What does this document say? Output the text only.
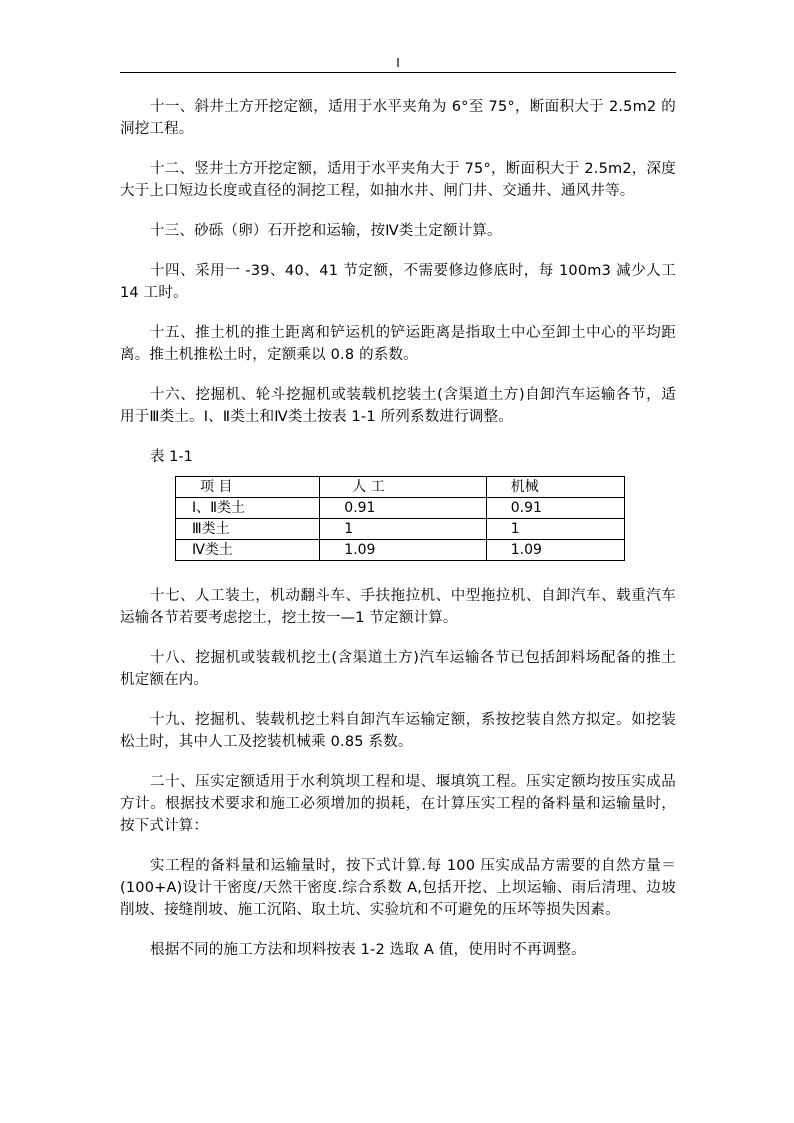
I

十一、斜井土方开挖定额，适用于水平夹角为 6°至 75°，断面积大于 2.5m2 的洞挖工程。

十二、竖井土方开挖定额，适用于水平夹角大于 75°，断面积大于 2.5m2，深度大于上口短边长度或直径的洞挖工程，如抽水井、闸门井、交通井、通风井等。

十三、砂砾（卵）石开挖和运输，按Ⅳ类土定额计算。

十四、采用一 -39、40、41 节定额，不需要修边修底时，每 100m3 减少人工 14 工时。

十五、推土机的推土距离和铲运机的铲运距离是指取土中心至卸土中心的平均距离。推土机推松土时，定额乘以 0.8 的系数。

十六、挖掘机、轮斗挖掘机或装载机挖装土(含渠道土方)自卸汽车运输各节，适用于Ⅲ类土。Ⅰ、Ⅱ类土和Ⅳ类土按表 1-1 所列系数进行调整。

表 1-1
项 目	人 工	机械
Ⅰ、Ⅱ类土	0.91	0.91
Ⅲ类土	1	1
Ⅳ类土	1.09	1.09

十七、人工装土，机动翻斗车、手扶拖拉机、中型拖拉机、自卸汽车、载重汽车运输各节若要考虑挖土，挖土按一—1 节定额计算。

十八、挖掘机或装载机挖土(含渠道土方)汽车运输各节已包括卸料场配备的推土机定额在内。

十九、挖掘机、装载机挖土料自卸汽车运输定额，系按挖装自然方拟定。如挖装松土时，其中人工及挖装机械乘 0.85 系数。

二十、压实定额适用于水利筑坝工程和堤、堰填筑工程。压实定额均按压实成品方计。根据技术要求和施工必须增加的损耗，在计算压实工程的备料量和运输量时，按下式计算：

实工程的备料量和运输量时，按下式计算.每 100 压实成品方需要的自然方量＝(100+A)设计干密度/天然干密度.综合系数 A,包括开挖、上坝运输、雨后清理、边坡削坡、接缝削坡、施工沉陷、取土坑、实验坑和不可避免的压坏等损失因素。

根据不同的施工方法和坝料按表 1-2 选取 A 值，使用时不再调整。
